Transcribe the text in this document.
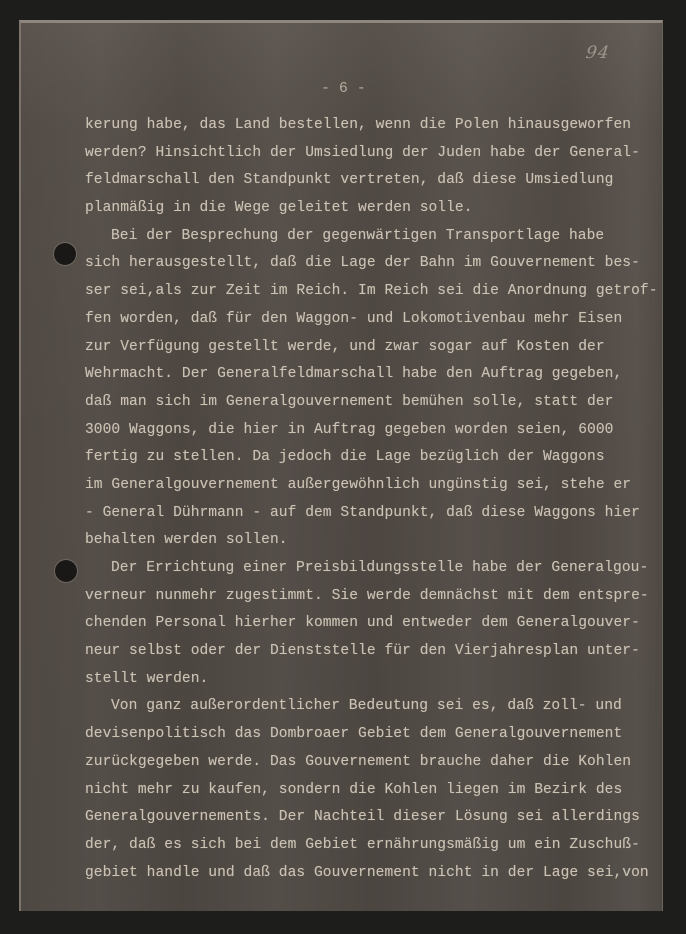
94
- 6 -
kerung habe, das Land bestellen, wenn die Polen hinausgeworfen
werden? Hinsichtlich der Umsiedlung der Juden habe der General-
feldmarschall den Standpunkt vertreten, daß diese Umsiedlung
planmäßig in die Wege geleitet werden solle.
Bei der Besprechung der gegenwärtigen Transportlage habe
sich herausgestellt, daß die Lage der Bahn im Gouvernement bes-
ser sei,als zur Zeit im Reich. Im Reich sei die Anordnung getrof-
fen worden, daß für den Waggon- und Lokomotivenbau mehr Eisen
zur Verfügung gestellt werde, und zwar sogar auf Kosten der
Wehrmacht. Der Generalfeldmarschall habe den Auftrag gegeben,
daß man sich im Generalgouvernement bemühen solle, statt der
3000 Waggons, die hier in Auftrag gegeben worden seien, 6000
fertig zu stellen. Da jedoch die Lage bezüglich der Waggons
im Generalgouvernement außergewöhnlich ungünstig sei, stehe er
- General Dührmann - auf dem Standpunkt, daß diese Waggons hier
behalten werden sollen.
Der Errichtung einer Preisbildungsstelle habe der Generalgou-
verneur nunmehr zugestimmt. Sie werde demnächst mit dem entspre-
chenden Personal hierher kommen und entweder dem Generalgouver-
neur selbst oder der Dienststelle für den Vierjahresplan unter-
stellt werden.
Von ganz außerordentlicher Bedeutung sei es, daß zoll- und
devisenpolitisch das Dombroaer Gebiet dem Generalgouvernement
zurückgegeben werde. Das Gouvernement brauche daher die Kohlen
nicht mehr zu kaufen, sondern die Kohlen liegen im Bezirk des
Generalgouvernements. Der Nachteil dieser Lösung sei allerdings
der, daß es sich bei dem Gebiet ernährungsmäßig um ein Zuschuß-
gebiet handle und daß das Gouvernement nicht in der Lage sei,von
